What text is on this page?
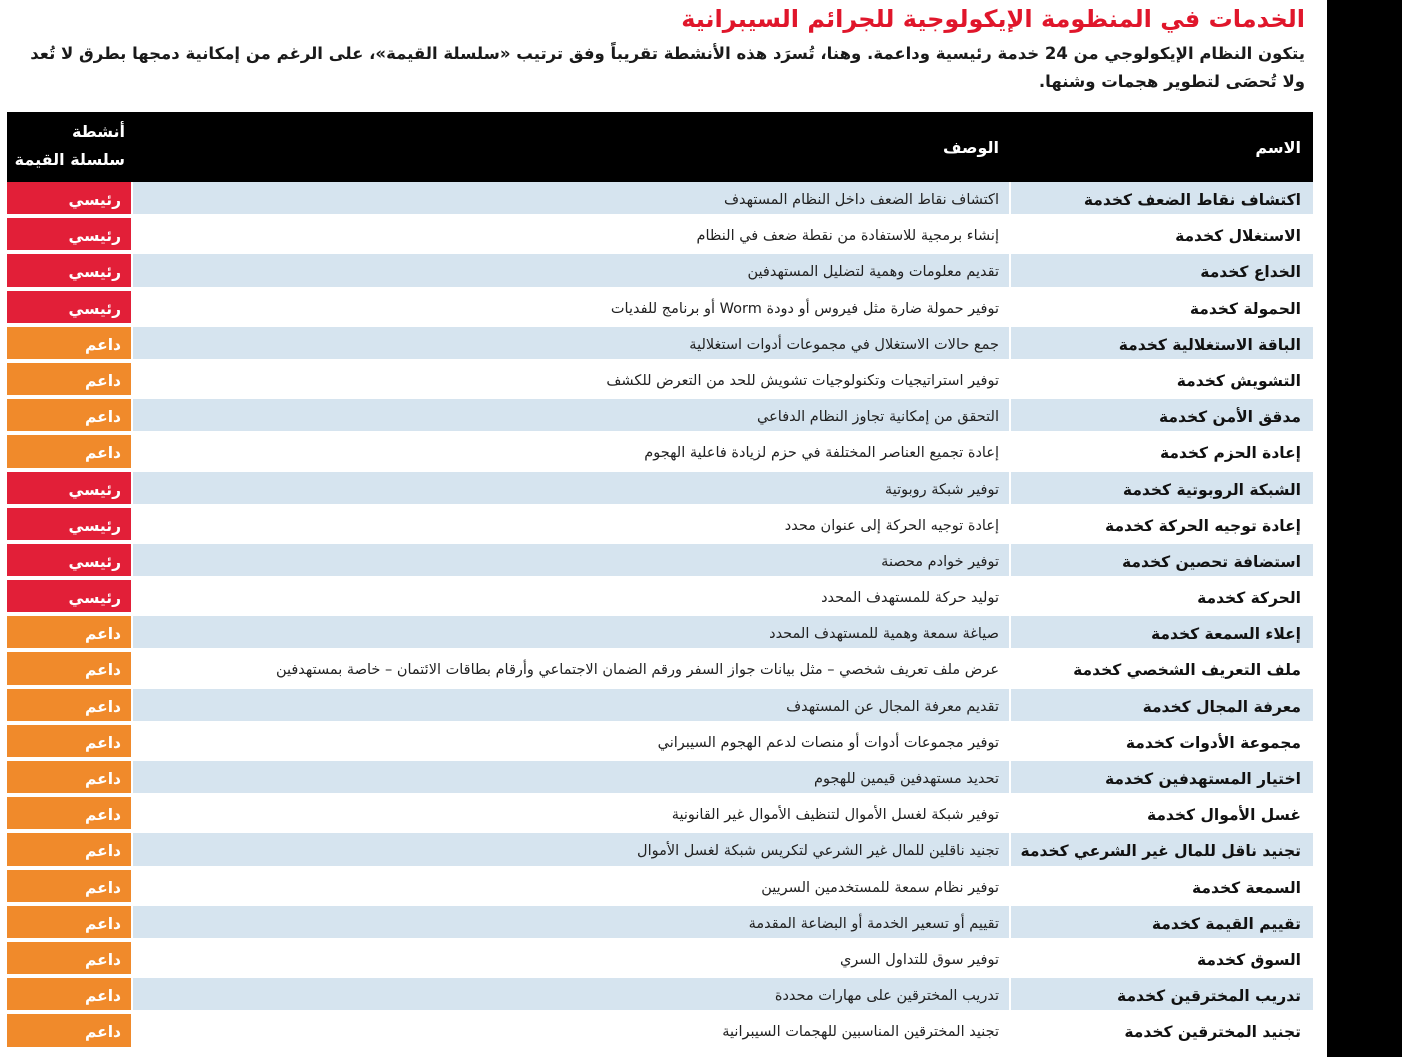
الخدمات في المنظومة الإيكولوجية للجرائم السيبرانية
يتكون النظام الإيكولوجي من 24 خدمة رئيسية وداعمة. وهنا، تُسرَد هذه الأنشطة تقريباً وفق ترتيب «سلسلة القيمة»، على الرغم من إمكانية دمجها بطرق لا تُعد ولا تُحصَى لتطوير هجمات وشنها.
الاسم
الوصف
أنشطة سلسلة القيمة
اكتشاف نقاط الضعف كخدمة
اكتشاف نقاط الضعف داخل النظام المستهدف
رئيسي
الاستغلال كخدمة
إنشاء برمجية للاستفادة من نقطة ضعف في النظام
رئيسي
الخداع كخدمة
تقديم معلومات وهمية لتضليل المستهدفين
رئيسي
الحمولة كخدمة
توفير حمولة ضارة مثل فيروس أو دودة Worm أو برنامج للفديات
رئيسي
الباقة الاستغلالية كخدمة
جمع حالات الاستغلال في مجموعات أدوات استغلالية
داعم
التشويش كخدمة
توفير استراتيجيات وتكنولوجيات تشويش للحد من التعرض للكشف
داعم
مدقق الأمن كخدمة
التحقق من إمكانية تجاوز النظام الدفاعي
داعم
إعادة الحزم كخدمة
إعادة تجميع العناصر المختلفة في حزم لزيادة فاعلية الهجوم
داعم
الشبكة الروبوتية كخدمة
توفير شبكة روبوتية
رئيسي
إعادة توجيه الحركة كخدمة
إعادة توجيه الحركة إلى عنوان محدد
رئيسي
استضافة تحصين كخدمة
توفير خوادم محصنة
رئيسي
الحركة كخدمة
توليد حركة للمستهدف المحدد
رئيسي
إعلاء السمعة كخدمة
صياغة سمعة وهمية للمستهدف المحدد
داعم
ملف التعريف الشخصي كخدمة
عرض ملف تعريف شخصي – مثل بيانات جواز السفر ورقم الضمان الاجتماعي وأرقام بطاقات الائتمان – خاصة بمستهدفين
داعم
معرفة المجال كخدمة
تقديم معرفة المجال عن المستهدف
داعم
مجموعة الأدوات كخدمة
توفير مجموعات أدوات أو منصات لدعم الهجوم السيبراني
داعم
اختيار المستهدفين كخدمة
تحديد مستهدفين قيمين للهجوم
داعم
غسل الأموال كخدمة
توفير شبكة لغسل الأموال لتنظيف الأموال غير القانونية
داعم
تجنيد ناقل للمال غير الشرعي كخدمة
تجنيد ناقلين للمال غير الشرعي لتكريس شبكة لغسل الأموال
داعم
السمعة كخدمة
توفير نظام سمعة للمستخدمين السريين
داعم
تقييم القيمة كخدمة
تقييم أو تسعير الخدمة أو البضاعة المقدمة
داعم
السوق كخدمة
توفير سوق للتداول السري
داعم
تدريب المخترقين كخدمة
تدريب المخترقين على مهارات محددة
داعم
تجنيد المخترقين كخدمة
تجنيد المخترقين المناسبين للهجمات السيبرانية
داعم
